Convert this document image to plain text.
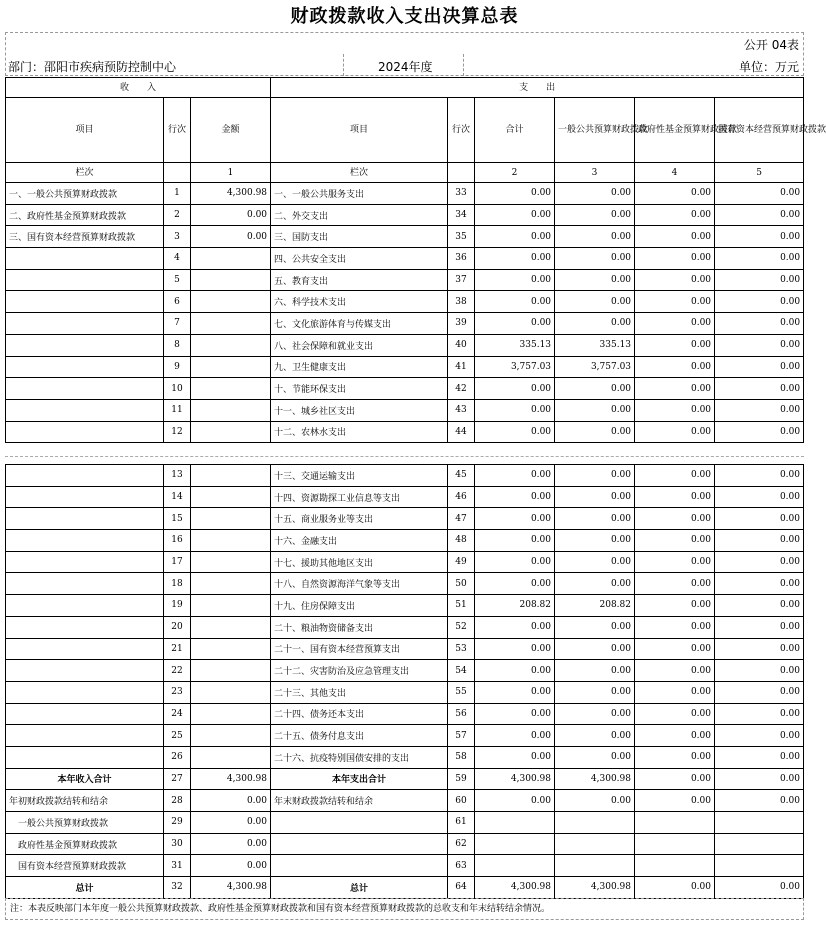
财政拨款收入支出决算总表
公开 04表
部门：邵阳市疾病预防控制中心	2024年度	单位：万元
收　　入			支　　出					
项目	行次	金额	项目	行次	合计	一般公共预算财政拨款	政府性基金预算财政拨款	国有资本经营预算财政拨款
栏次		1	栏次		2	3	4	5
一、一般公共预算财政拨款	1	4,300.98	一、一般公共服务支出	33	0.00	0.00	0.00	0.00
二、政府性基金预算财政拨款	2	0.00	二、外交支出	34	0.00	0.00	0.00	0.00
三、国有资本经营预算财政拨款	3	0.00	三、国防支出	35	0.00	0.00	0.00	0.00
	4		四、公共安全支出	36	0.00	0.00	0.00	0.00
	5		五、教育支出	37	0.00	0.00	0.00	0.00
	6		六、科学技术支出	38	0.00	0.00	0.00	0.00
	7		七、文化旅游体育与传媒支出	39	0.00	0.00	0.00	0.00
	8		八、社会保障和就业支出	40	335.13	335.13	0.00	0.00
	9		九、卫生健康支出	41	3,757.03	3,757.03	0.00	0.00
	10		十、节能环保支出	42	0.00	0.00	0.00	0.00
	11		十一、城乡社区支出	43	0.00	0.00	0.00	0.00
	12		十二、农林水支出	44	0.00	0.00	0.00	0.00
	13		十三、交通运输支出	45	0.00	0.00	0.00	0.00
	14		十四、资源勘探工业信息等支出	46	0.00	0.00	0.00	0.00
	15		十五、商业服务业等支出	47	0.00	0.00	0.00	0.00
	16		十六、金融支出	48	0.00	0.00	0.00	0.00
	17		十七、援助其他地区支出	49	0.00	0.00	0.00	0.00
	18		十八、自然资源海洋气象等支出	50	0.00	0.00	0.00	0.00
	19		十九、住房保障支出	51	208.82	208.82	0.00	0.00
	20		二十、粮油物资储备支出	52	0.00	0.00	0.00	0.00
	21		二十一、国有资本经营预算支出	53	0.00	0.00	0.00	0.00
	22		二十二、灾害防治及应急管理支出	54	0.00	0.00	0.00	0.00
	23		二十三、其他支出	55	0.00	0.00	0.00	0.00
	24		二十四、债务还本支出	56	0.00	0.00	0.00	0.00
	25		二十五、债务付息支出	57	0.00	0.00	0.00	0.00
	26		二十六、抗疫特别国债安排的支出	58	0.00	0.00	0.00	0.00
本年收入合计	27	4,300.98	本年支出合计	59	4,300.98	4,300.98	0.00	0.00
年初财政拨款结转和结余	28	0.00	年末财政拨款结转和结余	60	0.00	0.00	0.00	0.00
　一般公共预算财政拨款	29	0.00		61				
　政府性基金预算财政拨款	30	0.00		62				
　国有资本经营预算财政拨款	31	0.00		63				
总计	32	4,300.98	总计	64	4,300.98	4,300.98	0.00	0.00
注：本表反映部门本年度一般公共预算财政拨款、政府性基金预算财政拨款和国有资本经营预算财政拨款的总收支和年末结转结余情况。
